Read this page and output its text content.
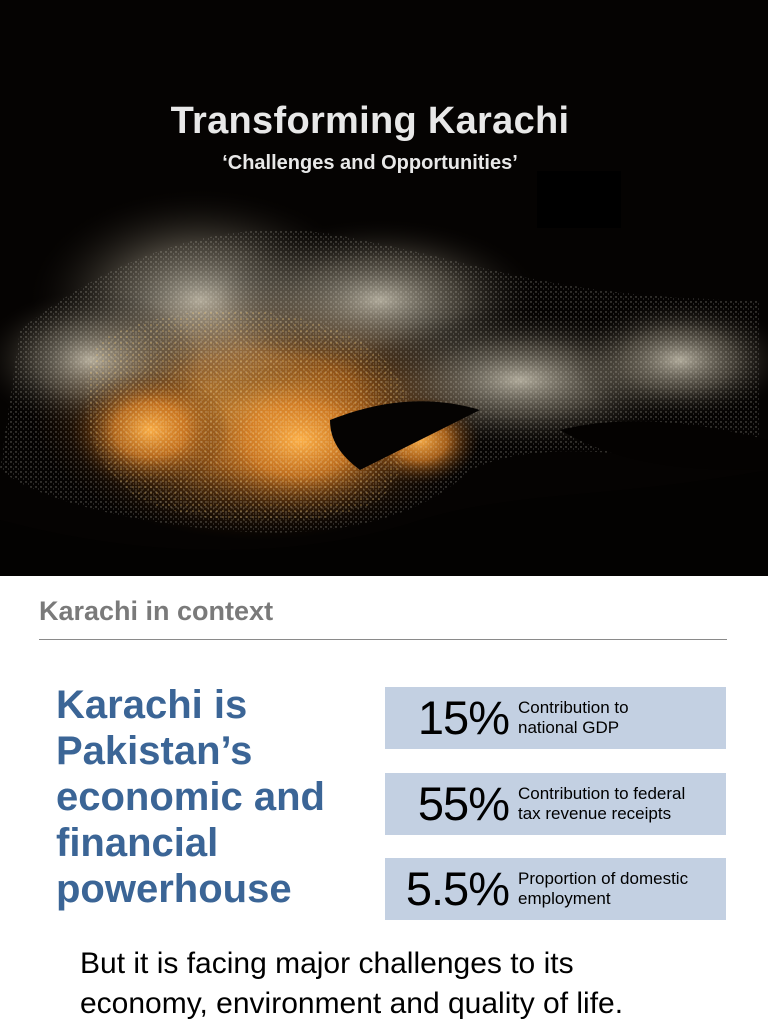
Transforming Karachi
‘Challenges and Opportunities’
Karachi in context

Karachi is
Pakistan’s
economic and
financial
powerhouse

15% Contribution to
national GDP
55% Contribution to federal
tax revenue receipts
5.5% Proportion of domestic
employment

But it is facing major challenges to its
economy, environment and quality of life.
